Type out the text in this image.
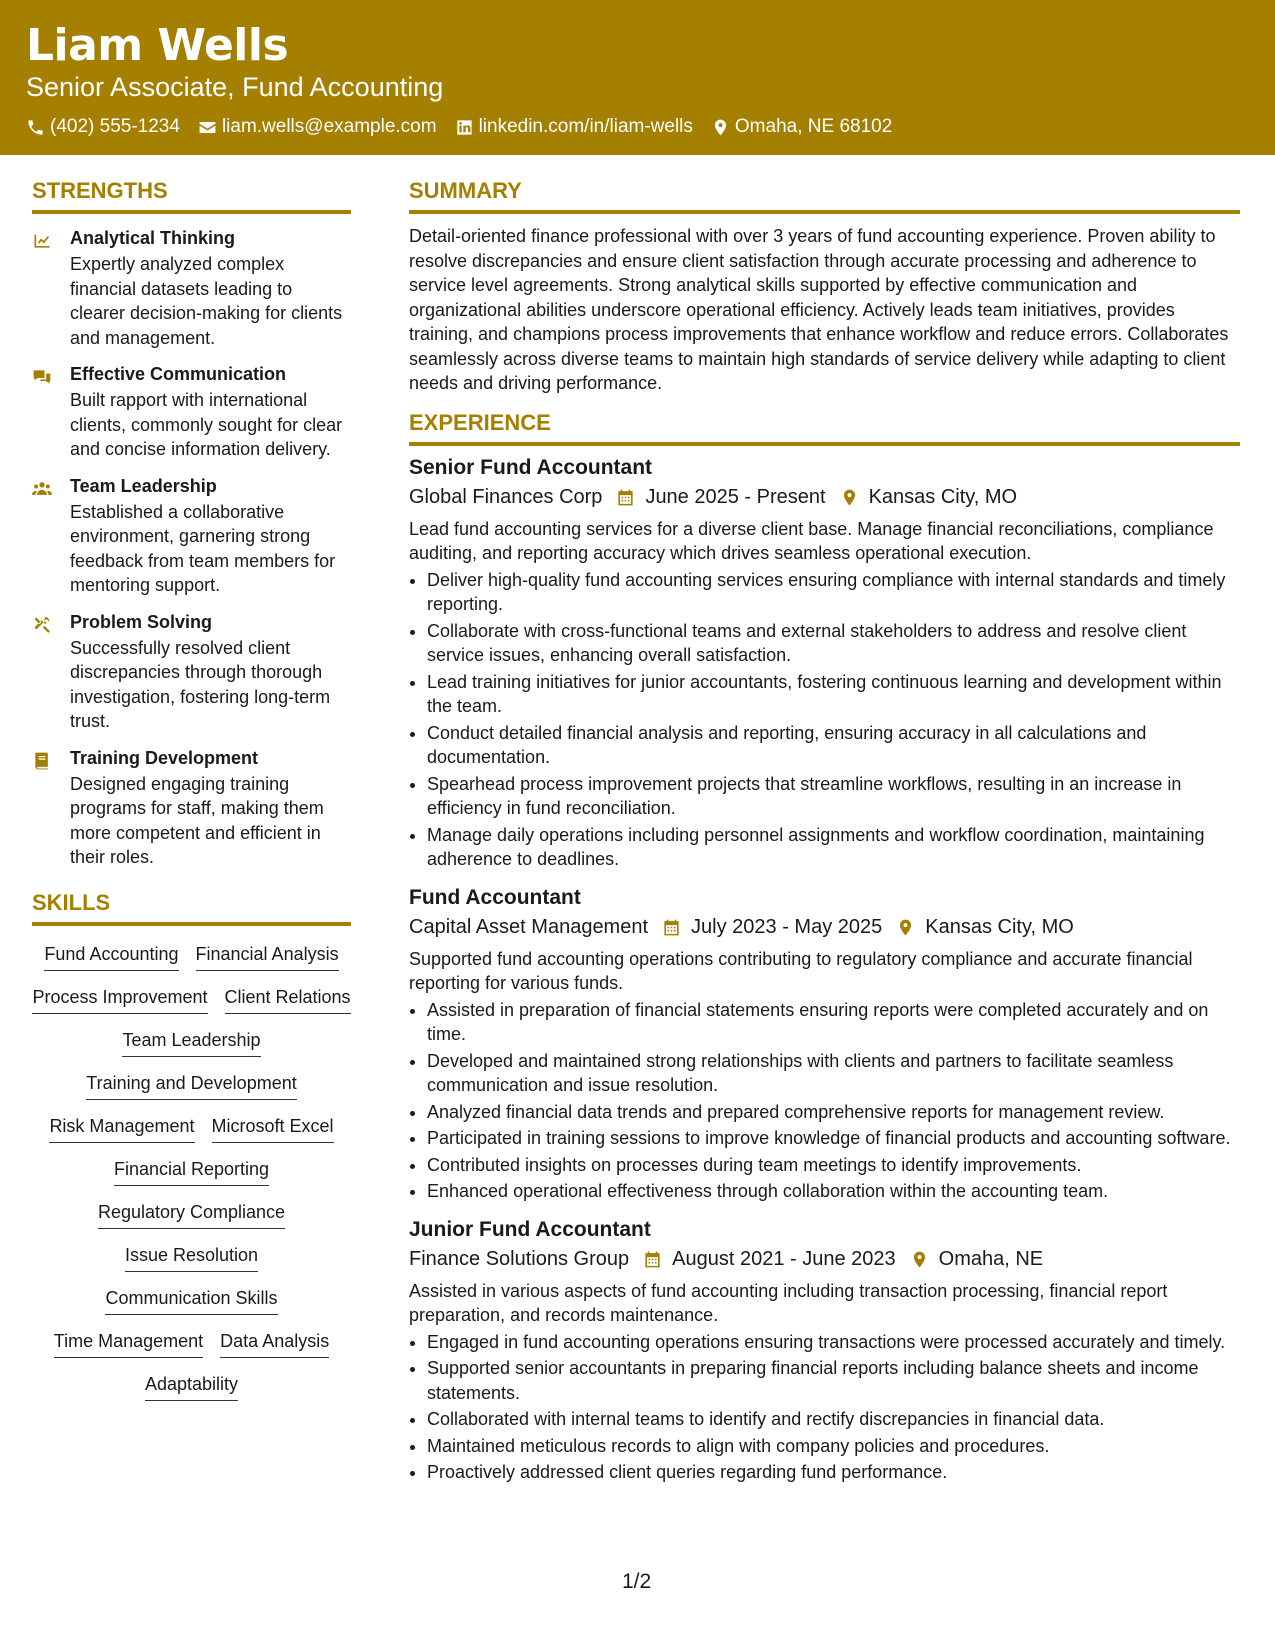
Liam Wells
Senior Associate, Fund Accounting
(402) 555-1234 liam.wells@example.com linkedin.com/in/liam-wells Omaha, NE 68102
STRENGTHS
Analytical Thinking
Expertly analyzed complex financial datasets leading to clearer decision-making for clients and management.
Effective Communication
Built rapport with international clients, commonly sought for clear and concise information delivery.
Team Leadership
Established a collaborative environment, garnering strong feedback from team members for mentoring support.
Problem Solving
Successfully resolved client discrepancies through thorough investigation, fostering long-term trust.
Training Development
Designed engaging training programs for staff, making them more competent and efficient in their roles.
SKILLS
Fund Accounting Financial Analysis
Process Improvement Client Relations
Team Leadership
Training and Development
Risk Management Microsoft Excel
Financial Reporting
Regulatory Compliance
Issue Resolution
Communication Skills
Time Management Data Analysis
Adaptability
SUMMARY
Detail-oriented finance professional with over 3 years of fund accounting experience. Proven ability to resolve discrepancies and ensure client satisfaction through accurate processing and adherence to service level agreements. Strong analytical skills supported by effective communication and organizational abilities underscore operational efficiency. Actively leads team initiatives, provides training, and champions process improvements that enhance workflow and reduce errors. Collaborates seamlessly across diverse teams to maintain high standards of service delivery while adapting to client needs and driving performance.
EXPERIENCE
Senior Fund Accountant
Global Finances Corp June 2025 - Present Kansas City, MO
Lead fund accounting services for a diverse client base. Manage financial reconciliations, compliance auditing, and reporting accuracy which drives seamless operational execution.
• Deliver high-quality fund accounting services ensuring compliance with internal standards and timely reporting.
• Collaborate with cross-functional teams and external stakeholders to address and resolve client service issues, enhancing overall satisfaction.
• Lead training initiatives for junior accountants, fostering continuous learning and development within the team.
• Conduct detailed financial analysis and reporting, ensuring accuracy in all calculations and documentation.
• Spearhead process improvement projects that streamline workflows, resulting in an increase in efficiency in fund reconciliation.
• Manage daily operations including personnel assignments and workflow coordination, maintaining adherence to deadlines.
Fund Accountant
Capital Asset Management July 2023 - May 2025 Kansas City, MO
Supported fund accounting operations contributing to regulatory compliance and accurate financial reporting for various funds.
• Assisted in preparation of financial statements ensuring reports were completed accurately and on time.
• Developed and maintained strong relationships with clients and partners to facilitate seamless communication and issue resolution.
• Analyzed financial data trends and prepared comprehensive reports for management review.
• Participated in training sessions to improve knowledge of financial products and accounting software.
• Contributed insights on processes during team meetings to identify improvements.
• Enhanced operational effectiveness through collaboration within the accounting team.
Junior Fund Accountant
Finance Solutions Group August 2021 - June 2023 Omaha, NE
Assisted in various aspects of fund accounting including transaction processing, financial report preparation, and records maintenance.
• Engaged in fund accounting operations ensuring transactions were processed accurately and timely.
• Supported senior accountants in preparing financial reports including balance sheets and income statements.
• Collaborated with internal teams to identify and rectify discrepancies in financial data.
• Maintained meticulous records to align with company policies and procedures.
• Proactively addressed client queries regarding fund performance.
1/2
